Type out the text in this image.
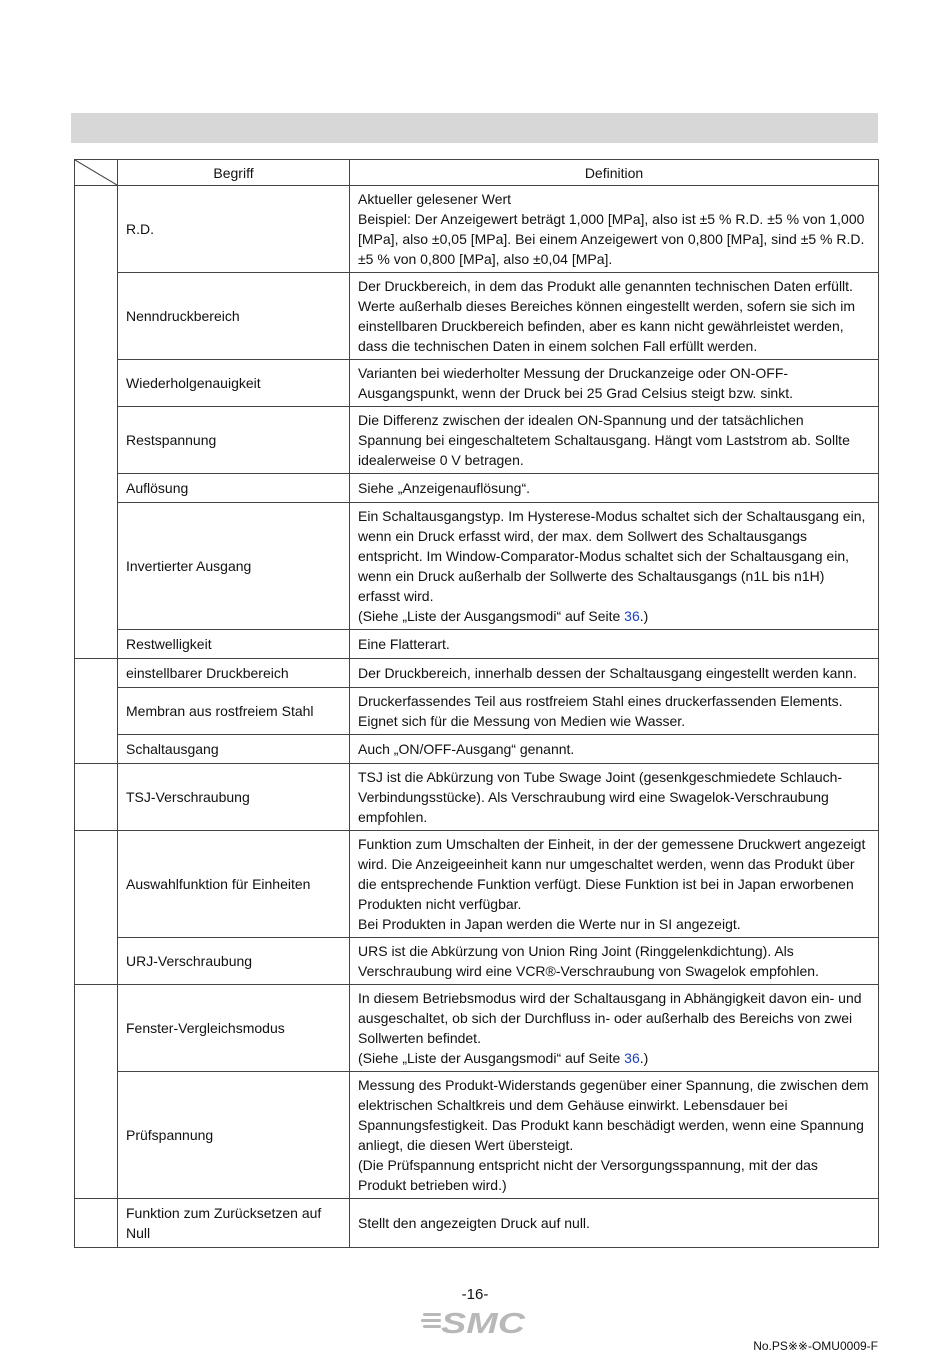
	Begriff	Definition
	R.D.	Aktueller gelesener Wert
Beispiel: Der Anzeigewert beträgt 1,000 [MPa], also ist ±5 % R.D. ±5 % von 1,000 [MPa], also ±0,05 [MPa]. Bei einem Anzeigewert von 0,800 [MPa], sind ±5 % R.D. ±5 % von 0,800 [MPa], also ±0,04 [MPa].

	Nenndruckbereich	Der Druckbereich, in dem das Produkt alle genannten technischen Daten erfüllt. Werte außerhalb dieses Bereiches können eingestellt werden, sofern sie sich im einstellbaren Druckbereich befinden, aber es kann nicht gewährleistet werden, dass die technischen Daten in einem solchen Fall erfüllt werden.

	Wiederholgenauigkeit	Varianten bei wiederholter Messung der Druckanzeige oder ON-OFF-Ausgangspunkt, wenn der Druck bei 25 Grad Celsius steigt bzw. sinkt.

	Restspannung	Die Differenz zwischen der idealen ON-Spannung und der tatsächlichen Spannung bei eingeschaltetem Schaltausgang. Hängt vom Laststrom ab. Sollte idealerweise 0 V betragen.

	Auflösung	Siehe „Anzeigenauflösung“.

	Invertierter Ausgang	Ein Schaltausgangstyp. Im Hysterese-Modus schaltet sich der Schaltausgang ein, wenn ein Druck erfasst wird, der max. dem Sollwert des Schaltausgangs entspricht. Im Window-Comparator-Modus schaltet sich der Schaltausgang ein, wenn ein Druck außerhalb der Sollwerte des Schaltausgangs (n1L bis n1H) erfasst wird.
(Siehe „Liste der Ausgangsmodi“ auf Seite 36.)

	Restwelligkeit	Eine Flatterart.

	einstellbarer Druckbereich	Der Druckbereich, innerhalb dessen der Schaltausgang eingestellt werden kann.

	Membran aus rostfreiem Stahl	Druckerfassendes Teil aus rostfreiem Stahl eines druckerfassenden Elements. Eignet sich für die Messung von Medien wie Wasser.

	Schaltausgang	Auch „ON/OFF-Ausgang“ genannt.

	TSJ-Verschraubung	TSJ ist die Abkürzung von Tube Swage Joint (gesenkgeschmiedete Schlauch-Verbindungsstücke). Als Verschraubung wird eine Swagelok-Verschraubung empfohlen.

	Auswahlfunktion für Einheiten	Funktion zum Umschalten der Einheit, in der der gemessene Druckwert angezeigt wird. Die Anzeigeeinheit kann nur umgeschaltet werden, wenn das Produkt über die entsprechende Funktion verfügt. Diese Funktion ist bei in Japan erworbenen Produkten nicht verfügbar.
Bei Produkten in Japan werden die Werte nur in SI angezeigt.

	URJ-Verschraubung	URS ist die Abkürzung von Union Ring Joint (Ringgelenkdichtung). Als Verschraubung wird eine VCR®-Verschraubung von Swagelok empfohlen.

	Fenster-Vergleichsmodus	In diesem Betriebsmodus wird der Schaltausgang in Abhängigkeit davon ein- und ausgeschaltet, ob sich der Durchfluss in- oder außerhalb des Bereichs von zwei Sollwerten befindet.
(Siehe „Liste der Ausgangsmodi“ auf Seite 36.)

	Prüfspannung	Messung des Produkt-Widerstands gegenüber einer Spannung, die zwischen dem elektrischen Schaltkreis und dem Gehäuse einwirkt. Lebensdauer bei Spannungsfestigkeit. Das Produkt kann beschädigt werden, wenn eine Spannung anliegt, die diesen Wert übersteigt.
(Die Prüfspannung entspricht nicht der Versorgungsspannung, mit der das Produkt betrieben wird.)

	Funktion zum Zurücksetzen auf Null	Stellt den angezeigten Druck auf null.
-16-
SMC
No.PS※※-OMU0009-F
